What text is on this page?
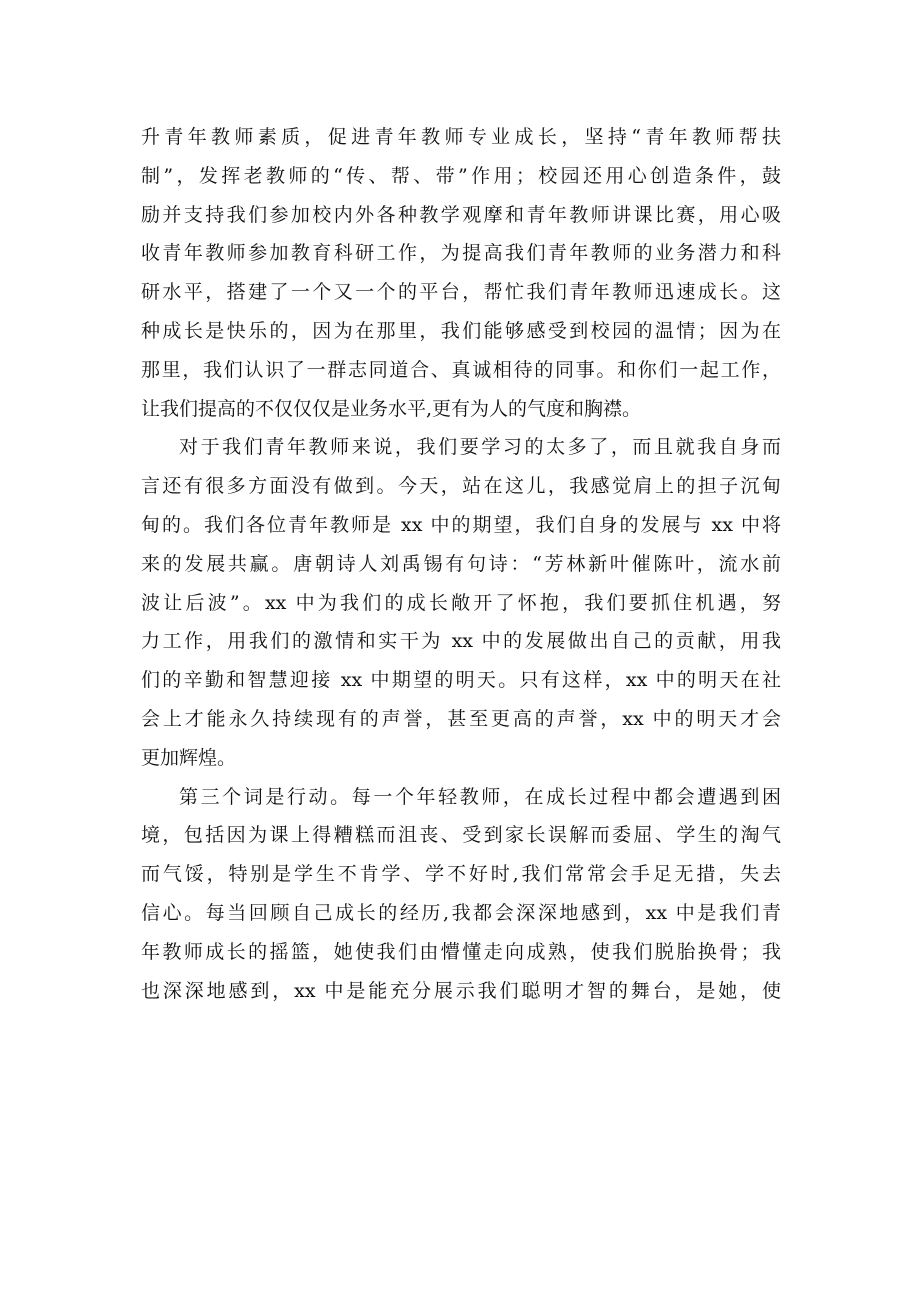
升青年教师素质，促进青年教师专业成长，坚持“青年教师帮扶
制”，发挥老教师的“传、帮、带”作用；校园还用心创造条件，鼓
励并支持我们参加校内外各种教学观摩和青年教师讲课比赛，用心吸
收青年教师参加教育科研工作，为提高我们青年教师的业务潜力和科
研水平，搭建了一个又一个的平台，帮忙我们青年教师迅速成长。这
种成长是快乐的，因为在那里，我们能够感受到校园的温情；因为在
那里，我们认识了一群志同道合、真诚相待的同事。和你们一起工作，
让我们提高的不仅仅仅是业务水平,更有为人的气度和胸襟。
对于我们青年教师来说，我们要学习的太多了，而且就我自身而
言还有很多方面没有做到。今天，站在这儿，我感觉肩上的担子沉甸
甸的。我们各位青年教师是 xx 中的期望，我们自身的发展与 xx 中将
来的发展共赢。唐朝诗人刘禹锡有句诗：“芳林新叶催陈叶，流水前
波让后波”。xx 中为我们的成长敞开了怀抱，我们要抓住机遇，努
力工作，用我们的激情和实干为 xx 中的发展做出自己的贡献，用我
们的辛勤和智慧迎接 xx 中期望的明天。只有这样，xx 中的明天在社
会上才能永久持续现有的声誉，甚至更高的声誉，xx 中的明天才会
更加辉煌。
第三个词是行动。每一个年轻教师，在成长过程中都会遭遇到困
境，包括因为课上得糟糕而沮丧、受到家长误解而委屈、学生的淘气
而气馁，特别是学生不肯学、学不好时,我们常常会手足无措，失去
信心。每当回顾自己成长的经历,我都会深深地感到，xx 中是我们青
年教师成长的摇篮，她使我们由懵懂走向成熟，使我们脱胎换骨；我
也深深地感到，xx 中是能充分展示我们聪明才智的舞台，是她，使
